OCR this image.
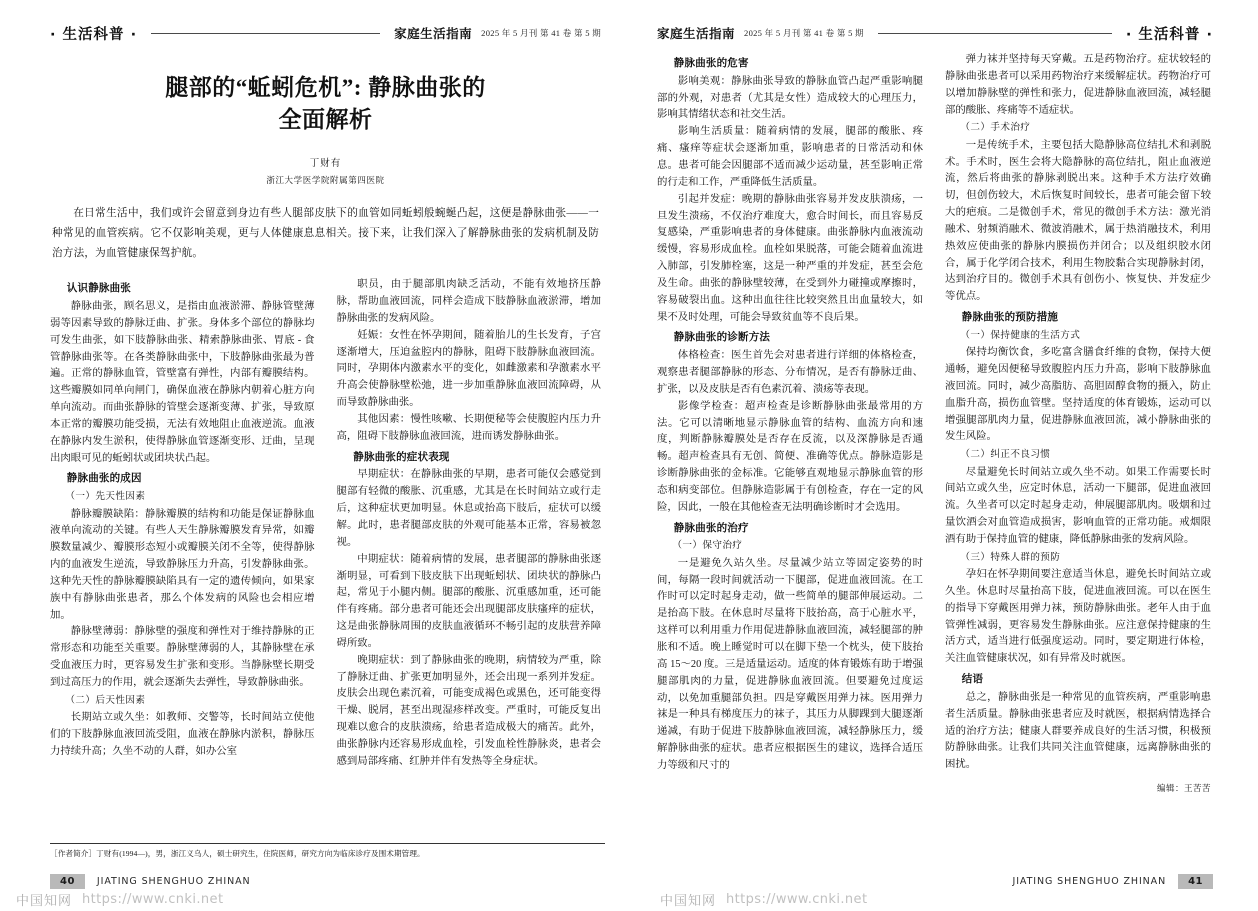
· 生活科普 ·	家庭生活指南 2025 年 5 月刊 第 41 卷 第 5 期
腿部的“蚯蚓危机”: 静脉曲张的
全面解析
丁财有
浙江大学医学院附属第四医院

在日常生活中，我们或许会留意到身边有些人腿部皮肤下的血管如同蚯蚓般蜿蜒凸起，这便是静脉曲张——一种常见的血管疾病。它不仅影响美观，更与人体健康息息相关。接下来，让我们深入了解静脉曲张的发病机制及防治方法，为血管健康保驾护航。

认识静脉曲张

静脉曲张，顾名思义，是指由血液淤滞、静脉管壁薄弱等因素导致的静脉迂曲、扩张。身体多个部位的静脉均可发生曲张，如下肢静脉曲张、精索静脉曲张、胃底 - 食管静脉曲张等。在各类静脉曲张中，下肢静脉曲张最为普遍。正常的静脉血管，管壁富有弹性，内部有瓣膜结构。这些瓣膜如同单向闸门，确保血液在静脉内朝着心脏方向单向流动。而曲张静脉的管壁会逐渐变薄、扩张，导致原本正常的瓣膜功能受损，无法有效地阻止血液逆流。血液在静脉内发生淤积，使得静脉血管逐渐变形、迂曲，呈现出肉眼可见的蚯蚓状或团块状凸起。

静脉曲张的成因
（一）先天性因素

静脉瓣膜缺陷：静脉瓣膜的结构和功能是保证静脉血液单向流动的关键。有些人天生静脉瓣膜发育异常，如瓣膜数量减少、瓣膜形态短小或瓣膜关闭不全等，使得静脉内的血液发生逆流，导致静脉压力升高，引发静脉曲张。这种先天性的静脉瓣膜缺陷具有一定的遗传倾向，如果家族中有静脉曲张患者，那么个体发病的风险也会相应增加。

静脉壁薄弱：静脉壁的强度和弹性对于维持静脉的正常形态和功能至关重要。静脉壁薄弱的人，其静脉壁在承受血液压力时，更容易发生扩张和变形。当静脉壁长期受到过高压力的作用，就会逐渐失去弹性，导致静脉曲张。

（二）后天性因素

长期站立或久坐：如教师、交警等，长时间站立使他们的下肢静脉血液回流受阻，血液在静脉内淤积，静脉压力持续升高；久坐不动的人群，如办公室

职员，由于腿部肌肉缺乏活动，不能有效地挤压静脉，帮助血液回流，同样会造成下肢静脉血液淤滞，增加静脉曲张的发病风险。

妊娠：女性在怀孕期间，随着胎儿的生长发育，子宫逐渐增大，压迫盆腔内的静脉，阻碍下肢静脉血液回流。同时，孕期体内激素水平的变化，如雌激素和孕激素水平升高会使静脉壁松弛，进一步加重静脉血液回流障碍，从而导致静脉曲张。

其他因素：慢性咳嗽、长期便秘等会使腹腔内压力升高，阻碍下肢静脉血液回流，进而诱发静脉曲张。

静脉曲张的症状表现

早期症状：在静脉曲张的早期，患者可能仅会感觉到腿部有轻微的酸胀、沉重感，尤其是在长时间站立或行走后，这种症状更加明显。休息或抬高下肢后，症状可以缓解。此时，患者腿部皮肤的外观可能基本正常，容易被忽视。

中期症状：随着病情的发展，患者腿部的静脉曲张逐渐明显，可看到下肢皮肤下出现蚯蚓状、团块状的静脉凸起，常见于小腿内侧。腿部的酸胀、沉重感加重，还可能伴有疼痛。部分患者可能还会出现腿部皮肤瘙痒的症状，这是曲张静脉周围的皮肤血液循环不畅引起的皮肤营养障碍所致。

晚期症状：到了静脉曲张的晚期，病情较为严重，除了静脉迂曲、扩张更加明显外，还会出现一系列并发症。皮肤会出现色素沉着，可能变成褐色或黑色，还可能变得干燥、脱屑，甚至出现湿疹样改变。严重时，可能反复出现难以愈合的皮肤溃疡，给患者造成极大的痛苦。此外，曲张静脉内还容易形成血栓，引发血栓性静脉炎，患者会感到局部疼痛、红肿并伴有发热等全身症状。

［作者简介］丁财有(1994—)，男，浙江义乌人，硕士研究生，住院医师，研究方向为临床诊疗及围术期管理。
40	JIATING SHENGHUO ZHINAN
家庭生活指南 2025 年 5 月刊 第 41 卷 第 5 期	· 生活科普 ·
静脉曲张的危害

影响美观：静脉曲张导致的静脉血管凸起严重影响腿部的外观，对患者（尤其是女性）造成较大的心理压力，影响其情绪状态和社交生活。

影响生活质量：随着病情的发展，腿部的酸胀、疼痛、瘙痒等症状会逐渐加重，影响患者的日常活动和休息。患者可能会因腿部不适而减少运动量，甚至影响正常的行走和工作，严重降低生活质量。

引起并发症：晚期的静脉曲张容易并发皮肤溃疡，一旦发生溃疡，不仅治疗难度大，愈合时间长，而且容易反复感染，严重影响患者的身体健康。曲张静脉内血液流动缓慢，容易形成血栓。血栓如果脱落，可能会随着血流进入肺部，引发肺栓塞，这是一种严重的并发症，甚至会危及生命。曲张的静脉壁较薄，在受到外力碰撞或摩擦时，容易破裂出血。这种出血往往比较突然且出血量较大，如果不及时处理，可能会导致贫血等不良后果。

静脉曲张的诊断方法

体格检查：医生首先会对患者进行详细的体格检查，观察患者腿部静脉的形态、分布情况，是否有静脉迂曲、扩张，以及皮肤是否有色素沉着、溃疡等表现。

影像学检查：超声检查是诊断静脉曲张最常用的方法。它可以清晰地显示静脉血管的结构、血流方向和速度，判断静脉瓣膜处是否存在反流，以及深静脉是否通畅。超声检查具有无创、简便、准确等优点。静脉造影是诊断静脉曲张的金标准。它能够直观地显示静脉血管的形态和病变部位。但静脉造影属于有创检查，存在一定的风险，因此，一般在其他检查无法明确诊断时才会选用。

静脉曲张的治疗
（一）保守治疗

一是避免久站久坐。尽量减少站立等固定姿势的时间，每隔一段时间就活动一下腿部，促进血液回流。在工作时可以定时起身走动，做一些简单的腿部伸展运动。二是抬高下肢。在休息时尽量将下肢抬高，高于心脏水平，这样可以利用重力作用促进静脉血液回流，减轻腿部的肿胀和不适。晚上睡觉时可以在脚下垫一个枕头，使下肢抬高 15～20 度。三是适量运动。适度的体育锻炼有助于增强腿部肌肉的力量，促进静脉血液回流。但要避免过度运动，以免加重腿部负担。四是穿戴医用弹力袜。医用弹力袜是一种具有梯度压力的袜子，其压力从脚踝到大腿逐渐递减，有助于促进下肢静脉血液回流，减轻静脉压力，缓解静脉曲张的症状。患者应根据医生的建议，选择合适压力等级和尺寸的

弹力袜并坚持每天穿戴。五是药物治疗。症状较轻的静脉曲张患者可以采用药物治疗来缓解症状。药物治疗可以增加静脉壁的弹性和张力，促进静脉血液回流，减轻腿部的酸胀、疼痛等不适症状。

（二）手术治疗

一是传统手术，主要包括大隐静脉高位结扎术和剥脱术。手术时，医生会将大隐静脉的高位结扎，阻止血液逆流，然后将曲张的静脉剥脱出来。这种手术方法疗效确切，但创伤较大，术后恢复时间较长，患者可能会留下较大的疤痕。二是微创手术，常见的微创手术方法：激光消融术、射频消融术、微波消融术，属于热消融技术，利用热效应使曲张的静脉内膜损伤并闭合；以及组织胶水闭合，属于化学闭合技术，利用生物胶黏合实现静脉封闭，达到治疗目的。微创手术具有创伤小、恢复快、并发症少等优点。

静脉曲张的预防措施
（一）保持健康的生活方式

保持均衡饮食，多吃富含膳食纤维的食物，保持大便通畅，避免因便秘导致腹腔内压力升高，影响下肢静脉血液回流。同时，减少高脂肪、高胆固醇食物的摄入，防止血脂升高，损伤血管壁。坚持适度的体育锻炼，运动可以增强腿部肌肉力量，促进静脉血液回流，减小静脉曲张的发生风险。

（二）纠正不良习惯

尽量避免长时间站立或久坐不动。如果工作需要长时间站立或久坐，应定时休息，活动一下腿部，促进血液回流。久坐者可以定时起身走动，伸展腿部肌肉。吸烟和过量饮酒会对血管造成损害，影响血管的正常功能。戒烟限酒有助于保持血管的健康，降低静脉曲张的发病风险。

（三）特殊人群的预防

孕妇在怀孕期间要注意适当休息，避免长时间站立或久坐。休息时尽量抬高下肢，促进血液回流。可以在医生的指导下穿戴医用弹力袜，预防静脉曲张。老年人由于血管弹性减弱，更容易发生静脉曲张。应注意保持健康的生活方式，适当进行低强度运动。同时，要定期进行体检，关注血管健康状况，如有异常及时就医。

结语

总之，静脉曲张是一种常见的血管疾病，严重影响患者生活质量。静脉曲张患者应及时就医，根据病情选择合适的治疗方法；健康人群要养成良好的生活习惯，积极预防静脉曲张。让我们共同关注血管健康，远离静脉曲张的困扰。

编辑：王苦苦
JIATING SHENGHUO ZHINAN	41
中国知网 https://www.cnki.net	中国知网 https://www.cnki.net
